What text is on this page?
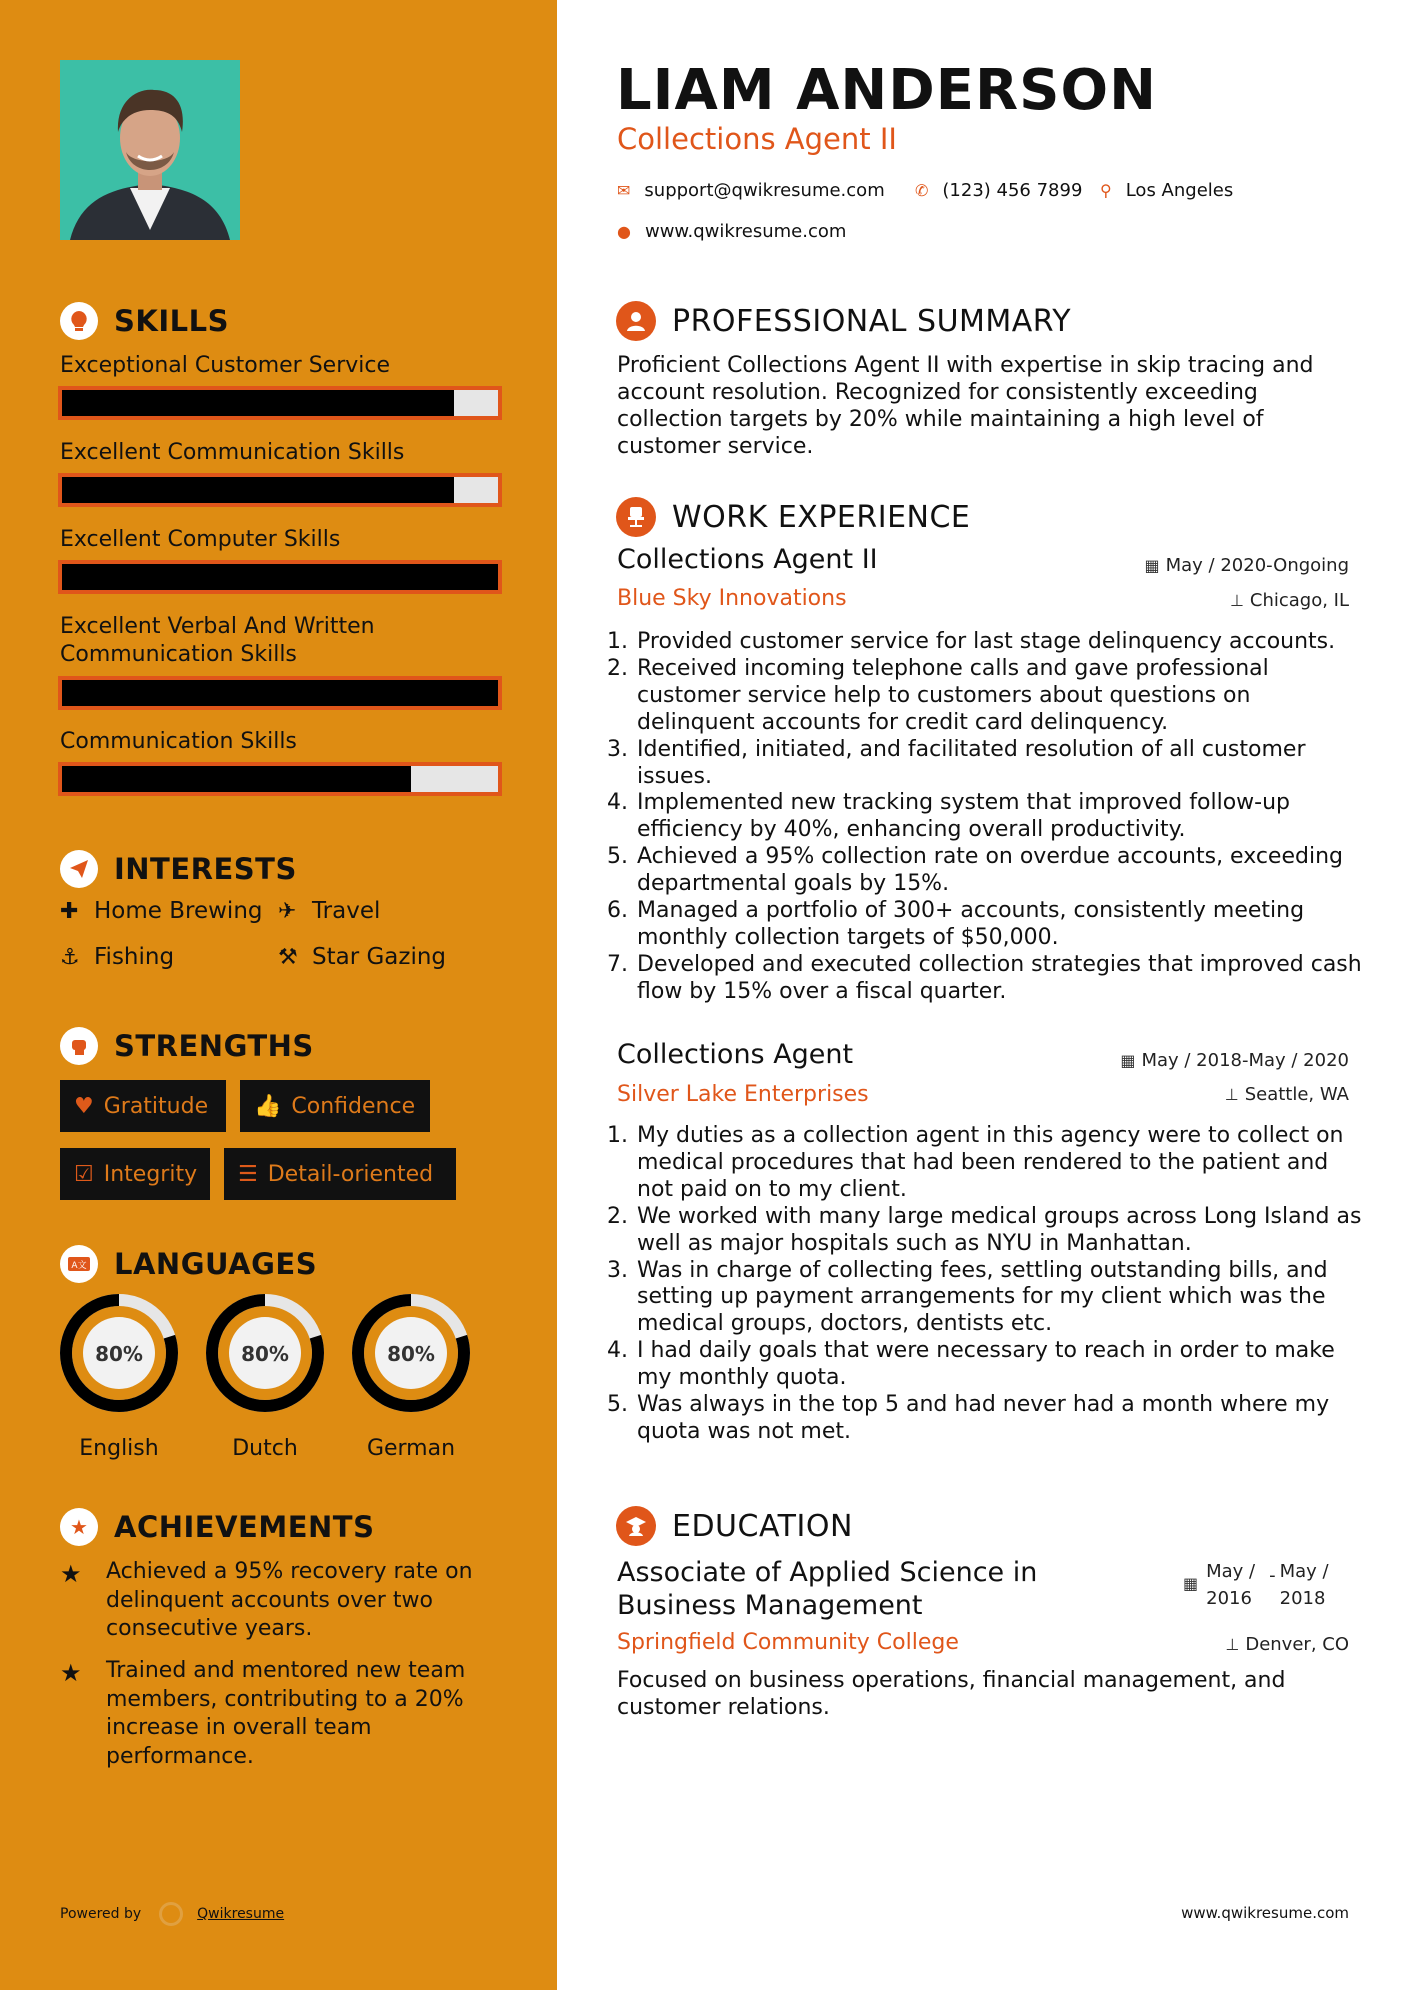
SKILLS
Exceptional Customer Service
Excellent Communication Skills
Excellent Computer Skills
Excellent Verbal And Written Communication Skills
Communication Skills
INTERESTS
✚ Home Brewing ✈ Travel
⚓ Fishing	⚒ Star Gazing
STRENGTHS
♥ Gratitude 👍 Confidence
☑ Integrity ☰ Detail-oriented
A文 LANGUAGES
80%
English
80%
Dutch
80%
German
★ ACHIEVEMENTS
★	Achieved a 95% recovery rate on delinquent accounts over two consecutive years.
★	Trained and mentored new team members, contributing to a 20% increase in overall team performance.
Powered by	Qwikresume
LIAM ANDERSON
Collections Agent II
✉ support@qwikresume.com ✆ (123) 456 7899 ⚲ Los Angeles
● www.qwikresume.com
PROFESSIONAL SUMMARY
Proficient Collections Agent II with expertise in skip tracing and account resolution. Recognized for consistently exceeding collection targets by 20% while maintaining a high level of customer service.
WORK EXPERIENCE
Collections Agent II	▦ May / 2020-Ongoing
Blue Sky Innovations	⊥ Chicago, IL
1. Provided customer service for last stage delinquency accounts.
2. Received incoming telephone calls and gave professional customer service help to customers about questions on delinquent accounts for credit card delinquency.
3. Identified, initiated, and facilitated resolution of all customer issues.
4. Implemented new tracking system that improved follow-up efficiency by 40%, enhancing overall productivity.
5. Achieved a 95% collection rate on overdue accounts, exceeding departmental goals by 15%.
6. Managed a portfolio of 300+ accounts, consistently meeting monthly collection targets of $50,000.
7. Developed and executed collection strategies that improved cash flow by 15% over a fiscal quarter.
Collections Agent	▦ May / 2018-May / 2020
Silver Lake Enterprises	⊥ Seattle, WA
1. My duties as a collection agent in this agency were to collect on medical procedures that had been rendered to the patient and not paid on to my client.
2. We worked with many large medical groups across Long Island as well as major hospitals such as NYU in Manhattan.
3. Was in charge of collecting fees, settling outstanding bills, and setting up payment arrangements for my client which was the medical groups, doctors, dentists etc.
4. I had daily goals that were necessary to reach in order to make my monthly quota.
5. Was always in the top 5 and had never had a month where my quota was not met.
EDUCATION
Associate of Applied Science in Business Management
▦
May /
2016
- May /
2018
Springfield Community College	⊥ Denver, CO
Focused on business operations, financial management, and customer relations.
www.qwikresume.com
